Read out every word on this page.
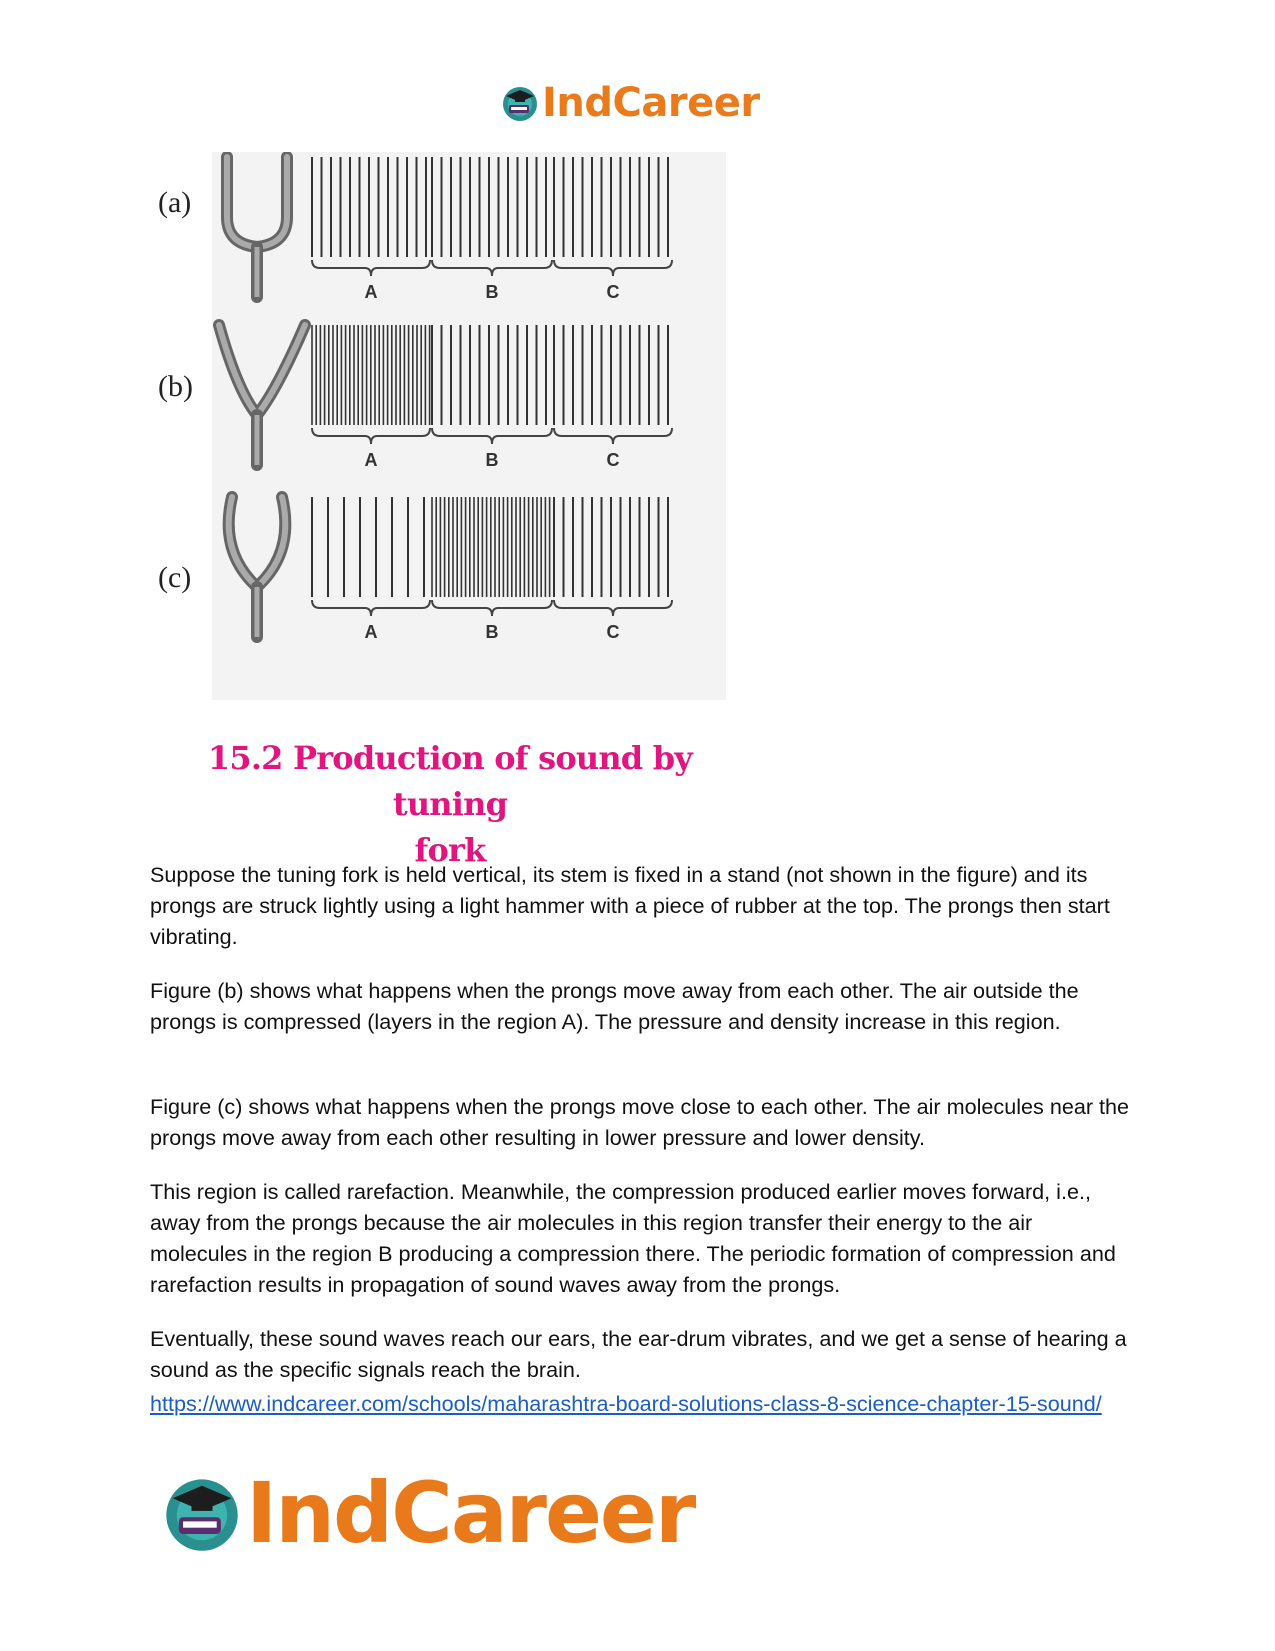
IndCareer
A	B	C
A	B	C
A	B	C
(a)
(b)
(c)
15.2 Production of sound by tuning
fork

Suppose the tuning fork is held vertical, its stem is fixed in a stand (not shown in the figure) and its prongs are struck lightly using a light hammer with a piece of rubber at the top. The prongs then start vibrating.

Figure (b) shows what happens when the prongs move away from each other. The air outside the prongs is compressed (layers in the region A). The pressure and density increase in this region.

Figure (c) shows what happens when the prongs move close to each other. The air molecules near the prongs move away from each other resulting in lower pressure and lower density.

This region is called rarefaction. Meanwhile, the compression produced earlier moves forward, i.e., away from the prongs because the air molecules in this region transfer their energy to the air molecules in the region B producing a compression there. The periodic formation of compression and rarefaction results in propagation of sound waves away from the prongs.

Eventually, these sound waves reach our ears, the ear-drum vibrates, and we get a sense of hearing a sound as the specific signals reach the brain.

https://www.indcareer.com/schools/maharashtra-board-solutions-class-8-science-chapter-15-sound/
IndCareer
